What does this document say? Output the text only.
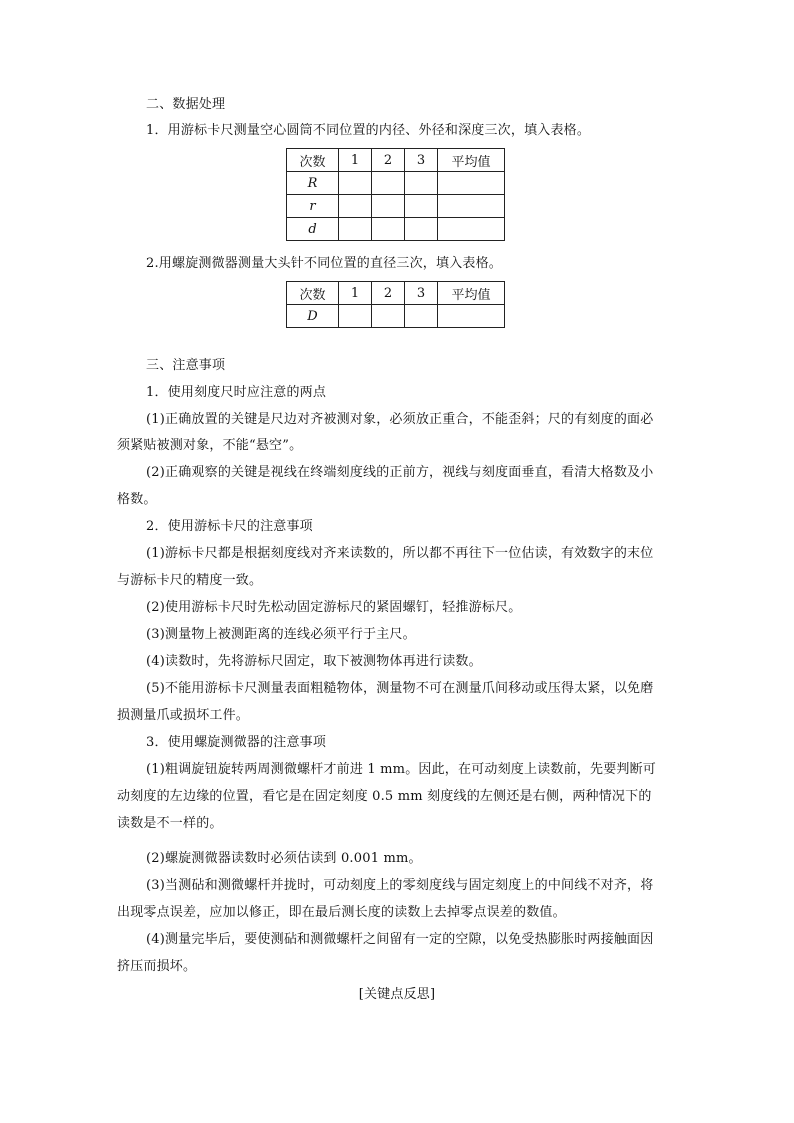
二、数据处理
1．用游标卡尺测量空心圆筒不同位置的内径、外径和深度三次，填入表格。
次数	1	2	3	平均值
R				
r				
d				
2.用螺旋测微器测量大头针不同位置的直径三次，填入表格。
次数	1	2	3	平均值
D				
三、注意事项
1．使用刻度尺时应注意的两点
(1)正确放置的关键是尺边对齐被测对象，必须放正重合，不能歪斜；尺的有刻度的面必
须紧贴被测对象，不能“悬空”。
(2)正确观察的关键是视线在终端刻度线的正前方，视线与刻度面垂直，看清大格数及小
格数。
2．使用游标卡尺的注意事项
(1)游标卡尺都是根据刻度线对齐来读数的，所以都不再往下一位估读，有效数字的末位
与游标卡尺的精度一致。
(2)使用游标卡尺时先松动固定游标尺的紧固螺钉，轻推游标尺。
(3)测量物上被测距离的连线必须平行于主尺。
(4)读数时，先将游标尺固定，取下被测物体再进行读数。
(5)不能用游标卡尺测量表面粗糙物体，测量物不可在测量爪间移动或压得太紧，以免磨
损测量爪或损坏工件。
3．使用螺旋测微器的注意事项
(1)粗调旋钮旋转两周测微螺杆才前进 1 mm。因此，在可动刻度上读数前，先要判断可
动刻度的左边缘的位置，看它是在固定刻度 0.5 mm 刻度线的左侧还是右侧，两种情况下的
读数是不一样的。
(2)螺旋测微器读数时必须估读到 0.001 mm。
(3)当测砧和测微螺杆并拢时，可动刻度上的零刻度线与固定刻度上的中间线不对齐，将
出现零点误差，应加以修正，即在最后测长度的读数上去掉零点误差的数值。
(4)测量完毕后，要使测砧和测微螺杆之间留有一定的空隙，以免受热膨胀时两接触面因
挤压而损坏。
[关键点反思]
